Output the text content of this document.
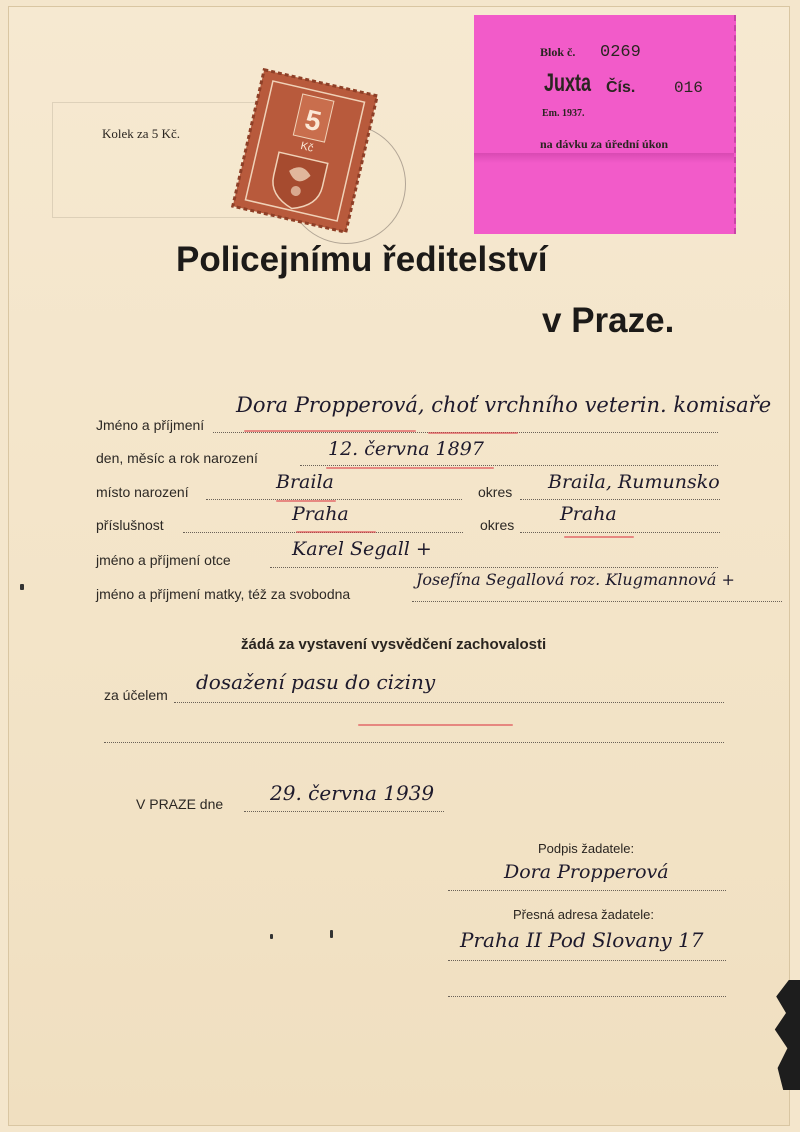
Kolek za 5 Kč.	5
Kč
Blok č. 0269
Juxta Čís. 016
Em. 1937.
na dávku za úřední úkon
Policejnímu ředitelství
v Praze.
Jméno a příjmení
Dora Propperová, choť vrchního veterin. komisaře
den, měsíc a rok narození	12. června 1897
místo narození	Braila	okres Braila, Rumunsko
příslušnost	Praha	okres Praha
jméno a příjmení otce	Karel Segall +
jméno a příjmení matky, též za svobodna
Josefína Segallová roz. Klugmannová +
žádá za vystavení vysvědčení zachovalosti
za účelem
dosažení pasu do ciziny
V PRAZE dne 29. června 1939
Podpis žadatele:
Dora Propperová
Přesná adresa žadatele:
Praha II Pod Slovany 17
